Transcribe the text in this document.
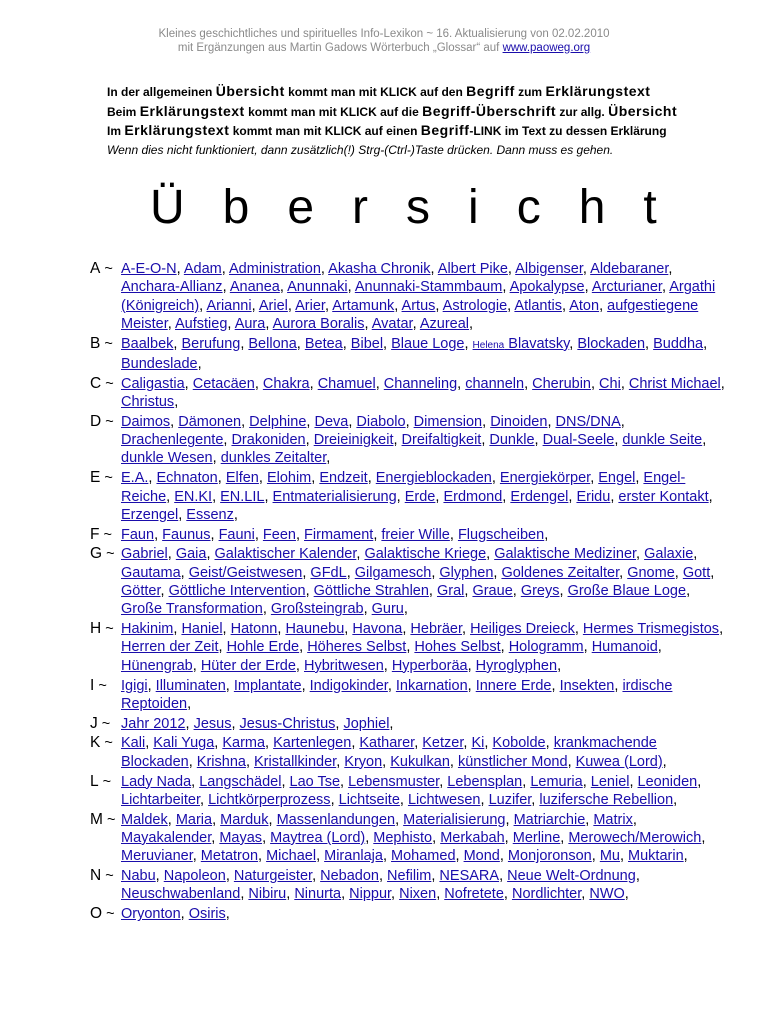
Kleines geschichtliches und spirituelles Info-Lexikon ~ 16. Aktualisierung von 02.02.2010
mit Ergänzungen aus Martin Gadows Wörterbuch „Glossar“ auf www.paoweg.org
In der allgemeinen Übersicht kommt man mit KLICK auf den Begriff zum Erklärungstext
Beim Erklärungstext kommt man mit KLICK auf die Begriff-Überschrift zur allg. Übersicht
Im Erklärungstext kommt man mit KLICK auf einen Begriff-LINK im Text zu dessen Erklärung
Wenn dies nicht funktioniert, dann zusätzlich(!) Strg-(Ctrl-)Taste drücken. Dann muss es gehen.
Übersicht
A ~ A-E-O-N, Adam, Administration, Akasha Chronik, Albert Pike, Albigenser, Aldebaraner, Anchara-Allianz, Ananea, Anunnaki, Anunnaki-Stammbaum, Apokalypse, Arcturianer, Argathi (Königreich), Arianni, Ariel, Arier, Artamunk, Artus, Astrologie, Atlantis, Aton, aufgestiegene Meister, Aufstieg, Aura, Aurora Boralis, Avatar, Azureal,
B ~ Baalbek, Berufung, Bellona, Betea, Bibel, Blaue Loge, Helena Blavatsky, Blockaden, Buddha, Bundeslade,
C ~ Caligastia, Cetacäen, Chakra, Chamuel, Channeling, channeln, Cherubin, Chi, Christ Michael, Christus,
D ~ Daimos, Dämonen, Delphine, Deva, Diabolo, Dimension, Dinoiden, DNS/DNA, Drachenlegente, Drakoniden, Dreieinigkeit, Dreifaltigkeit, Dunkle, Dual-Seele, dunkle Seite, dunkle Wesen, dunkles Zeitalter,
E ~ E.A., Echnaton, Elfen, Elohim, Endzeit, Energieblockaden, Energiekörper, Engel, Engel-Reiche, EN.KI, EN.LIL, Entmaterialisierung, Erde, Erdmond, Erdengel, Eridu, erster Kontakt, Erzengel, Essenz,
F ~ Faun, Faunus, Fauni, Feen, Firmament, freier Wille, Flugscheiben,
G ~ Gabriel, Gaia, Galaktischer Kalender, Galaktische Kriege, Galaktische Mediziner, Galaxie, Gautama, Geist/Geistwesen, GFdL, Gilgamesch, Glyphen, Goldenes Zeitalter, Gnome, Gott, Götter, Göttliche Intervention, Göttliche Strahlen, Gral, Graue, Greys, Große Blaue Loge, Große Transformation, Großsteingrab, Guru,
H ~ Hakinim, Haniel, Hatonn, Haunebu, Havona, Hebräer, Heiliges Dreieck, Hermes Trismegistos, Herren der Zeit, Hohle Erde, Höheres Selbst, Hohes Selbst, Hologramm, Humanoid, Hünengrab, Hüter der Erde, Hybritwesen, Hyperboräa, Hyroglyphen,
I ~ Igigi, Illuminaten, Implantate, Indigokinder, Inkarnation, Innere Erde, Insekten, irdische Reptoiden,
J ~ Jahr 2012, Jesus, Jesus-Christus, Jophiel,
K ~ Kali, Kali Yuga, Karma, Kartenlegen, Katharer, Ketzer, Ki, Kobolde, krankmachende Blockaden, Krishna, Kristallkinder, Kryon, Kukulkan, künstlicher Mond, Kuwea (Lord),
L ~ Lady Nada, Langschädel, Lao Tse, Lebensmuster, Lebensplan, Lemuria, Leniel, Leoniden, Lichtarbeiter, Lichtkörperprozess, Lichtseite, Lichtwesen, Luzifer, luzifersche Rebellion,
M ~ Maldek, Maria, Marduk, Massenlandungen, Materialisierung, Matriarchie, Matrix, Mayakalender, Mayas, Maytrea (Lord), Mephisto, Merkabah, Merline, Merowech/Merowich, Meruvianer, Metatron, Michael, Miranlaja, Mohamed, Mond, Monjoronson, Mu, Muktarin,
N ~ Nabu, Napoleon, Naturgeister, Nebadon, Nefilim, NESARA, Neue Welt-Ordnung, Neuschwabenland, Nibiru, Ninurta, Nippur, Nixen, Nofretete, Nordlichter, NWO,
O ~ Oryonton, Osiris,
